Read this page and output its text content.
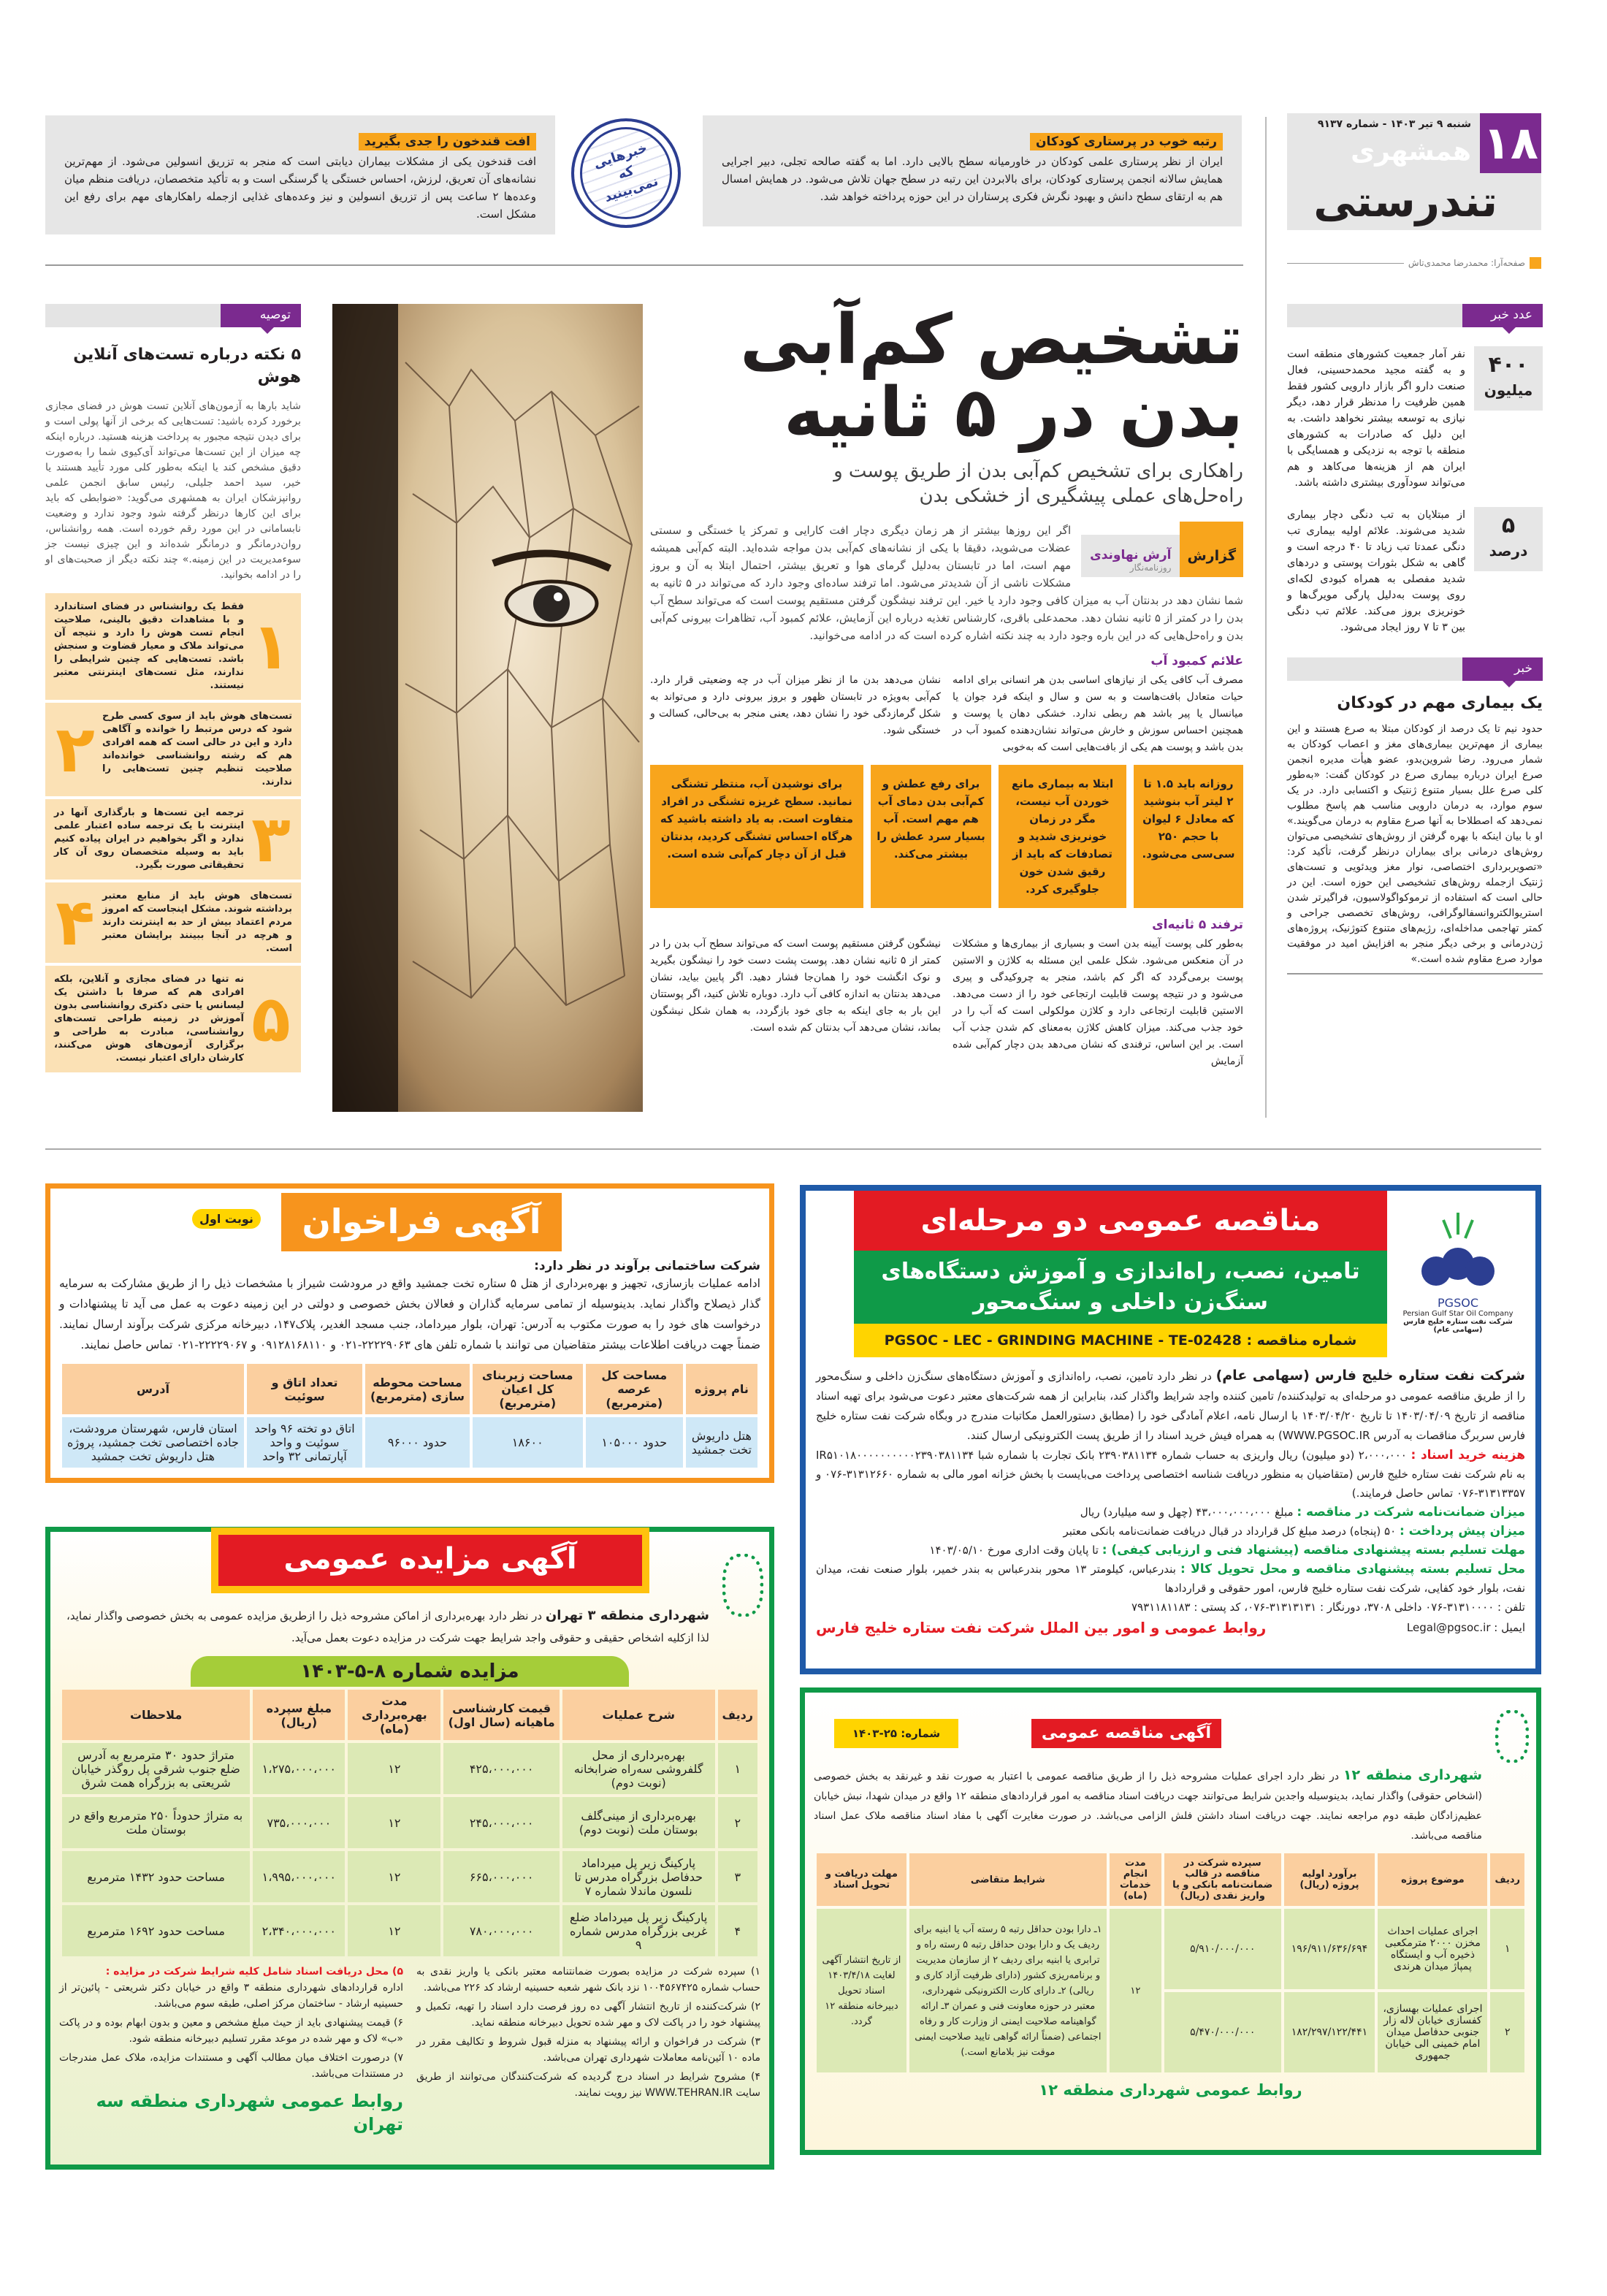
۱۸
شنبه ۹ تیر ۱۴۰۳ - شماره ۹۱۳۷
همشهری
تندرستی
صفحه‌آرا: محمدرضا محمدی‌تاش
رتبه خوب در پرستاری کودکان

ایران از نظر پرستاری علمی کودکان در خاورمیانه سطح بالایی دارد. اما به گفته صالحه تجلی، دبیر اجرایی همایش سالانه انجمن پرستاری کودکان، برای بالابردن این رتبه در سطح جهان تلاش می‌شود. در همایش امسال هم به ارتقای سطح دانش و بهبود نگرش فکری پرستاران در این حوزه پرداخته خواهد شد.

افت قندخون را جدی بگیرید

افت قندخون یکی از مشکلات بیماران دیابتی است که منجر به تزریق انسولین می‌شود. از مهم‌ترین نشانه‌های آن تعریق، لرزش، احساس خستگی یا گرسنگی است و به تأکید متخصصان، دریافت منظم میان وعده‌ها ۲ ساعت پس از تزریق انسولین و نیز وعده‌های غذایی ازجمله راهکارهای مهم برای رفع این مشکل است.

خبرهایی که نمی‌بینید
توصیه
۵ نکته درباره تست‌های آنلاین هوش

شاید بارها به آزمون‌های آنلاین تست هوش در فضای مجازی برخورد کرده باشید: تست‌هایی که برخی از آنها پولی است و برای دیدن نتیجه مجبور به پرداخت هزینه هستید. درباره اینکه چه میزان از این تست‌ها می‌تواند آی‌کیوی شما را به‌صورت دقیق مشخص کند یا اینکه به‌طور کلی مورد تأیید هستند یا خیر، سید احمد جلیلی، رئیس سابق انجمن علمی روانپزشکان ایران به همشهری می‌گوید: «ضوابطی که باید برای این کارها درنظر گرفته شود وجود ندارد و وضعیت نابسامانی در این مورد رقم خورده است. همه روانشناس، روان‌درمانگر و درمانگر شده‌اند و این چیزی نیست جز سوءمدیریت در این زمینه.» چند نکته دیگر از صحبت‌های او را در ادامه بخوانید.

۱

فقط یک روانشناس در فضای استاندارد و با مشاهدات دقیق بالینی، صلاحیت انجام تست هوش را دارد و نتیجه آن می‌تواند ملاک و معیار قضاوت و سنجش باشد. تست‌هایی که چنین شرایطی را ندارند، مثل تست‌های اینترنتی معتبر نیستند.

۲ تست‌های هوش باید از سوی کسی طرح شود که درس مرتبط را خوانده و آگاهی دارد و این در حالی است که همه افرادی هم که رشته روانشناسی خوانده‌اند صلاحیت تنظیم چنین تست‌هایی را ندارند.

۳

ترجمه این تست‌ها و بارگذاری آنها در اینترنت با یک ترجمه ساده اعتبار علمی ندارد و اگر بخواهیم در ایران پیاده کنیم باید به وسیله متخصصان روی آن کار تحقیقاتی صورت بگیرد.

۴ تست‌های هوش باید از منابع معتبر برداشته شوند. مشکل اینجاست که امروز مردم اعتماد بیش از حد به اینترنت دارند و هرچه در آنجا ببینند برایشان معتبر است.

۵

نه تنها در فضای مجازی و آنلاین، بلکه افرادی هم که صرفا با داشتن یک لیسانس یا حتی دکتری روانشناسی بدون آموزش در زمینه طراحی تست‌های روانشناسی، مبادرت به طراحی و برگزاری آزمون‌های هوش می‌کنند، کارشان دارای اعتبار نیست.

تشخیص کم‌آبی
بدن در ۵ ثانیه

راهکاری برای تشخیص کم‌آبی بدن از طریق پوست و راه‌حل‌های عملی پیشگیری از خشکی بدن

گزارش
آرش نهاوندی
روزنامه‌نگار

اگر این روزها بیشتر از هر زمان دیگری دچار افت کارایی و تمرکز یا خستگی و سستی عضلات می‌شوید، دقیقا با یکی از نشانه‌های کم‌آبی بدن مواجه شده‌اید. البته کم‌آبی همیشه مهم است، اما در تابستان به‌دلیل گرمای هوا و تعریق بیشتر، احتمال ابتلا به آن و بروز مشکلات ناشی از آن شدیدتر می‌شود. اما ترفند ساده‌ای وجود دارد که می‌تواند در ۵ ثانیه به شما نشان دهد در بدنتان آب به میزان کافی وجود دارد یا خیر. این ترفند نیشگون گرفتن مستقیم پوست است که می‌تواند سطح آب بدن را در کمتر از ۵ ثانیه نشان دهد. محمدعلی باقری، کارشناس تغذیه درباره این آزمایش، علائم کمبود آب، تظاهرات بیرونی کم‌آبی بدن و راه‌حل‌هایی که در این باره وجود دارد به چند نکته اشاره کرده است که در ادامه می‌خوانید.

علائم کمبود آب

مصرف آب کافی یکی از نیازهای اساسی بدن هر انسانی برای ادامه حیات متعادل بافت‌هاست و به سن و سال و اینکه فرد جوان یا میانسال یا پیر باشد هم ربطی ندارد. خشکی دهان یا پوست و همچنین احساس سوزش و خارش می‌تواند نشان‌دهنده کمبود آب در بدن باشد و پوست هم یکی از بافت‌هایی است که به‌خوبی

نشان می‌دهد بدن ما از نظر میزان آب در چه وضعیتی قرار دارد. کم‌آبی به‌ویژه در تابستان ظهور و بروز بیرونی دارد و می‌تواند به شکل گرمازدگی خود را نشان دهد، یعنی منجر به بی‌حالی، کسالت و خستگی شود.

روزانه باید ۱.۵ تا ۲ لیتر آب بنوشید که معادل ۶ لیوان با حجم ۲۵۰ سی‌سی می‌شود.
ابتلا به بیماری مانع خوردن آب نیست، مگر در زمان خونریزی شدید و تصادفات که باید از رقیق شدن خون جلوگیری کرد.
برای رفع عطش و کم‌آبی بدن دمای آب هم مهم است. آب بسیار سرد عطش را بیشتر می‌کند.
برای نوشیدن آب، منتظر تشنگی نمانید. سطح غریزه تشنگی در افراد متفاوت است. به یاد داشته باشید که هرگاه احساس تشنگی کردید، بدنتان قبل از آن دچار کم‌آبی شده است.
ترفند ۵ ثانیه‌ای

به‌طور کلی پوست آیینه بدن است و بسیاری از بیماری‌ها و مشکلات در آن منعکس می‌شود. شکل علمی این مسئله به کلاژن و الاستین پوست برمی‌گردد که اگر کم باشد، منجر به چروکیدگی و پیری می‌شود و در نتیجه پوست قابلیت ارتجاعی خود را از دست می‌دهد. الاستین قابلیت ارتجاعی دارد و کلاژن مولکولی است که آب را در خود جذب می‌کند. میزان کاهش کلاژن به‌معنای کم شدن جذب آب است. بر این اساس، ترفندی که نشان می‌دهد بدن دچار کم‌آبی شده آزمایش

نیشگون گرفتن مستقیم پوست است که می‌تواند سطح آب بدن را در کمتر از ۵ ثانیه نشان دهد. پوست پشت دست خود را نیشگون بگیرید و نوک انگشت خود را همان‌جا فشار دهید. اگر پایین بیاید، نشان می‌دهد بدنتان به اندازه کافی آب دارد. دوباره تلاش کنید، اگر پوستتان این بار به جای اینکه به جای خود بازگردد، به همان شکل نیشگون بماند، نشان می‌دهد آب بدنتان کم شده است.

عدد خبر
۴۰۰
میلیون

نفر آمار جمعیت کشورهای منطقه است و به گفته مجید محمدحسینی، فعال صنعت دارو اگر بازار دارویی کشور فقط همین ظرفیت را مدنظر قرار دهد، دیگر نیازی به توسعه بیشتر نخواهد داشت. به این دلیل که صادرات به کشورهای منطقه با توجه به نزدیکی و همسایگی با ایران هم از هزینه‌ها می‌کاهد و هم می‌تواند سودآوری بیشتری داشته باشد.

۵
درصد

از مبتلایان به تب دنگی دچار بیماری شدید می‌شوند. علائم اولیه بیماری تب دنگی عمدتا تب زیاد تا ۴۰ درجه است و گاهی به شکل بثورات پوستی و دردهای شدید مفصلی به همراه کبودی لکه‌ای روی پوست به‌دلیل پارگی مویرگ‌ها و خونریزی بروز می‌کند. علائم تب دنگی بین ۳ تا ۷ روز ایجاد می‌شود.

خبر
یک بیماری مهم در کودکان

حدود نیم تا یک درصد از کودکان مبتلا به صرع هستند و این بیماری از مهم‌ترین بیماری‌های مغز و اعصاب کودکان به شمار می‌رود. رضا شروین‌بدو، عضو هیأت مدیره انجمن صرع ایران درباره بیماری صرع در کودکان گفت: «به‌طور کلی صرع علل بسیار متنوع ژنتیک و اکتسابی دارد. در یک سوم موارد، به درمان دارویی مناسب هم پاسخ مطلوب نمی‌دهد که اصطلاحا به آنها صرع مقاوم به درمان می‌گویند.» او با بیان اینکه با بهره گرفتن از روش‌های تشخیصی می‌توان روش‌های درمانی برای بیماران درنظر گرفت، تأکید کرد: «تصویربرداری اختصاصی، نوار مغز ویدئویی و تست‌های ژنتیک ازجمله روش‌های تشخیصی این حوزه است. این در حالی است که استفاده از ترموکواگولاسیون، فراگیرتر شدن استریوالکتروانسفالوگرافی، روش‌های تخصصی جراحی و کمتر تهاجمی مداخله‌ای، رژیم‌های متنوع کتوژنیک، پروژه‌های ژن‌درمانی و برخی دیگر منجر به افزایش امید در موفقیت موارد صرع مقاوم شده است.»

آگهی فراخوان
نوبت اول
شرکت ساختمانی برآوند در نظر دارد:

ادامه عملیات بازسازی، تجهیز و بهره‌برداری از هتل ۵ ستاره تخت جمشید واقع در مرودشت شیراز با مشخصات ذیل را از طریق مشارکت به سرمایه گذار ذیصلاح واگذار نماید. بدینوسیله از تمامی سرمایه گذاران و فعالان بخش خصوصی و دولتی در این زمینه دعوت به عمل می آید تا پیشنهادات و درخواست های خود را به صورت مکتوب به آدرس: تهران، بلوار میرداماد، جنب مسجد الغدیر، پلاک۱۴۷، دبیرخانه مرکزی شرکت برآوند ارسال نمایند. ضمناً جهت دریافت اطلاعات بیشتر متقاضیان می توانند با شماره تلفن های ۲۲۲۲۹۰۶۳-۰۲۱ و ۰۹۱۲۸۱۶۸۱۱۰ و ۲۲۲۲۹۰۶۷-۰۲۱ تماس حاصل نمایند.

نام پروژه	مساحت کل عرصه (مترمربع)	مساحت زیربنای کل اعیان (مترمربع)	مساحت محوطه سازی (مترمربع)	تعداد اتاق و سوئیت	آدرس
هتل داریوش تخت جمشید	حدود ۱۰۵۰۰۰	۱۸۶۰۰	حدود ۹۶۰۰۰	اتاق دو تخته ۹۶ واحد سوئیت و واحد آپارتمانی ۳۲ واحد	استان فارس، شهرستان مرودشت، جاده اختصاصی تخت جمشید، پروژه هتل داریوش تخت جمشید
آگهی مزایده عمومی

شهرداری منطقه ۳ تهران در نظر دارد بهره‌برداری از اماکن مشروحه ذیل را ازطریق مزایده عمومی به بخش خصوصی واگذار نماید، لذا ازکلیه اشخاص حقیقی و حقوقی واجد شرایط جهت شرکت در مزایده دعوت بعمل می‌آید.

مزایده شماره ۸-۵-۱۴۰۳
ردیف	شرح عملیات	قیمت کارشناسی ماهیانه (سال اول)	مدت بهره‌برداری (ماه)	مبلغ سپرده (ریال)	ملاحظات
۱	بهره‌برداری از محل گلفروشی سه‌راه ضرابخانه (نوبت دوم)	۴۲۵،۰۰۰،۰۰۰	۱۲	۱،۲۷۵،۰۰۰،۰۰۰	متراژ حدود ۳۰ مترمربع به آدرس ضلع جنوب شرقی پل روگذر خیابان شریعتی به بزرگراه همت شرق
۲	بهره‌برداری از مینی‌گلف بوستان ملت (نوبت دوم)	۲۴۵،۰۰۰،۰۰۰	۱۲	۷۳۵،۰۰۰،۰۰۰	به متراژ حدوداً ۲۵۰ مترمربع واقع در بوستان ملت
۳	پارکینگ زیر پل میرداماد حدفاصل بزرگراه مدرس تا نلسون ماندلا شماره ۷	۶۶۵،۰۰۰،۰۰۰	۱۲	۱،۹۹۵،۰۰۰،۰۰۰	مساحت حدود ۱۴۳۲ مترمربع
۴	پارکینگ زیر پل میرداماد ضلع غربی بزرگراه مدرس شماره ۹	۷۸۰،۰۰۰،۰۰۰	۱۲	۲،۳۴۰،۰۰۰،۰۰۰	مساحت حدود ۱۶۹۲ مترمربع

۱) سپرده شرکت در مزایده بصورت ضمانتنامه معتبر بانکی یا واریز نقدی به حساب شماره ۱۰۰۴۵۶۷۴۲۵ نزد بانک شهر شعبه حسینیه ارشاد کد ۲۲۶ می‌باشد.

۲) شرکت‌کننده از تاریخ انتشار آگهی ده روز فرصت دارد اسناد را تهیه، تکمیل و پیشنهاد خود را در پاکت لاک و مهر شده تحویل دبیرخانه منطقه نماید.

۳) شرکت در فراخوان و ارائه پیشنهاد به منزله قبول شروط و تکالیف مقرر در ماده ۱۰ آئین‌نامه معاملات شهرداری تهران می‌باشد.

۴) مشروح شرایط در اسناد درج گردیده که شرکت‌کنندگان می‌توانند از طریق سایت WWW.TEHRAN.IR نیز رویت نمایند.

۵) محل دریافت اسناد شامل کلیه شرایط شرکت در مزایده :

اداره قراردادهای شهرداری منطقه ۳ واقع در خیابان دکتر شریعتی - پائین‌تر از حسینیه ارشاد - ساختمان مرکز اصلی، طبقه سوم می‌باشد.

۶) قیمت پیشنهادی باید از حیث مبلغ مشخص و معین و بدون ابهام بوده و در پاکت «ب» لاک و مهر شده در موعد مقرر تسلیم دبیرخانه منطقه شود.

۷) درصورت اختلاف میان مطالب آگهی و مستندات مزایده، ملاک عمل مندرجات در مستندات می‌باشد.

روابط عمومی شهرداری منطقه سه تهران
مناقصه عمومی دو مرحله‌ای
تامین، نصب، راه‌اندازی و آموزش دستگاه‌های سنگ‌زن داخلی و سنگ‌محور
شماره مناقصه : PGSOC - LEC - GRINDING MACHINE - TE-02428
PGSOC
Persian Gulf Star Oil Company
شرکت نفت ستاره خلیج فارس (سهامی عام)

شرکت نفت ستاره خلیج فارس (سهامی عام) در نظر دارد تامین، نصب، راه‌اندازی و آموزش دستگاه‌های سنگ‌زن داخلی و سنگ‌محور را از طریق مناقصه عمومی دو مرحله‌ای به تولیدکننده/ تامین کننده واجد شرایط واگذار کند، بنابراین از همه شرکت‌های معتبر دعوت می‌شود برای تهیه اسناد مناقصه از تاریخ ۱۴۰۳/۰۴/۰۹ تا تاریخ ۱۴۰۳/۰۴/۲۰ با ارسال نامه، اعلام آمادگی خود را (مطابق دستورالعمل مکاتبات مندرج در وبگاه شرکت نفت ستاره خلیج فارس سربرگ مناقصات به آدرس WWW.PGSOC.IR) به همراه فیش خرید اسناد را از طریق پست الکترونیکی ارسال کنند.

هزینه خرید اسناد : ۲،۰۰۰،۰۰۰ (دو میلیون) ریال واریزی به حساب شماره ۲۳۹۰۳۸۱۱۳۴ بانک تجارت با شماره شبا IR۵۱۰۱۸۰۰۰۰۰۰۰۰۰۰۲۳۹۰۳۸۱۱۳۴ به نام شرکت نفت ستاره خلیج فارس (متقاضیان به منظور دریافت شناسه اختصاصی پرداخت می‌بایست با بخش خزانه امور مالی به شماره ۳۱۳۱۲۶۶۰-۰۷۶ و ۳۱۳۱۳۳۵۷-۰۷۶ تماس حاصل فرمایند.)

میزان ضمانت‌نامه شرکت در مناقصه : مبلغ ۴۳،۰۰۰،۰۰۰،۰۰۰ (چهل و سه میلیارد) ریال

میزان پیش پرداخت : ۵۰ (پنجاه) درصد مبلغ کل قرارداد در قبال دریافت ضمانت‌نامه بانکی معتبر

مهلت تسلیم بسته پیشنهادی مناقصه (پیشنهاد فنی و ارزیابی کیفی) : تا پایان وقت اداری مورخ ۱۴۰۳/۰۵/۱۰

محل تسلیم بسته پیشنهادی مناقصه و محل تحویل کالا : بندرعباس، کیلومتر ۱۳ محور بندرعباس به بندر خمیر، بلوار صنعت نفت، میدان نفت، بلوار خود کفایی، شرکت نفت ستاره خلیج فارس، امور حقوقی و قراردادها

تلفن : ۳۱۳۱۰۰۰۰-۰۷۶ داخلی ۳۷۰۸، دورنگار : ۳۱۳۱۳۱۳۱-۰۷۶، کد پستی : ۷۹۳۱۱۸۱۱۸۳
ایمیل : Legal@pgsoc.ir
روابط عمومی و امور بین الملل شرکت نفت ستاره خلیج فارس
آگهی مناقصه عمومی
شماره: ۲۵-۱۴۰۳

شهرداری منطقه ۱۲ در نظر دارد اجرای عملیات مشروحه ذیل را از طریق مناقصه عمومی با اعتبار به صورت نقد و غیرنقد به بخش خصوصی (اشخاص حقوقی) واگذار نماید، بدینوسیله واجدین شرایط می‌توانند جهت دریافت اسناد مناقصه به امور قراردادهای منطقه ۱۲ واقع در میدان شهدا، نبش خیابان عظیم‌زادگان طبقه دوم مراجعه نمایند. جهت دریافت اسناد داشتن فلش الزامی می‌باشد. در صورت مغایرت آگهی با مفاد اسناد مناقصه ملاک عمل اسناد مناقصه می‌باشد.

ردیف	موضوع پروژه	برآورد اولیه پروژه (ریال)	سپرده شرکت در مناقصه در قالب ضمانت‌نامه بانکی و یا واریز نقدی (ریال)	مدت انجام خدمات (ماه)	شرایط متقاضی	مهلت دریافت و تحویل اسناد
۱	اجرای عملیات احداث مخزن ۲۰۰۰ مترمکعبی ذخیره آب و ایستگاه پمپاژ میدان هرندی	۱۹۶/۹۱۱/۶۳۶/۶۹۴	۵/۹۱۰/۰۰۰/۰۰۰	۱۲	۱ـ دارا بودن حداقل رتبه ۵ رسته آب یا ابنیه برای ردیف یک و دارا بودن حداقل رتبه ۵ رسته راه و ترابری یا ابنیه برای ردیف ۲ از سازمان مدیریت و برنامه‌ریزی کشور (دارای ظرفیت آزاد کاری و ریالی) ۲ـ دارای کارت الکترونیکی شهرداری، معتبر در حوزه معاونت فنی و عمران ۳ـ ارائه گواهینامه صلاحیت ایمنی از وزارت کار و رفاه اجتماعی (ضمناً ارائه گواهی تایید صلاحیت ایمنی موقت نیز بلامانع است.)	از تاریخ انتشار آگهی لغایت ۱۴۰۳/۴/۱۸ اسناد تحویل دبیرخانه منطقه ۱۲ گردد.
۲	اجرای عملیات بهسازی، کفسازی خیابان لاله زار جنوبی حدفاصل میدان امام خمینی الی خیابان جمهوری	۱۸۲/۲۹۷/۱۲۲/۴۴۱	۵/۴۷۰/۰۰۰/۰۰۰			
روابط عمومی شهرداری منطقه ۱۲
